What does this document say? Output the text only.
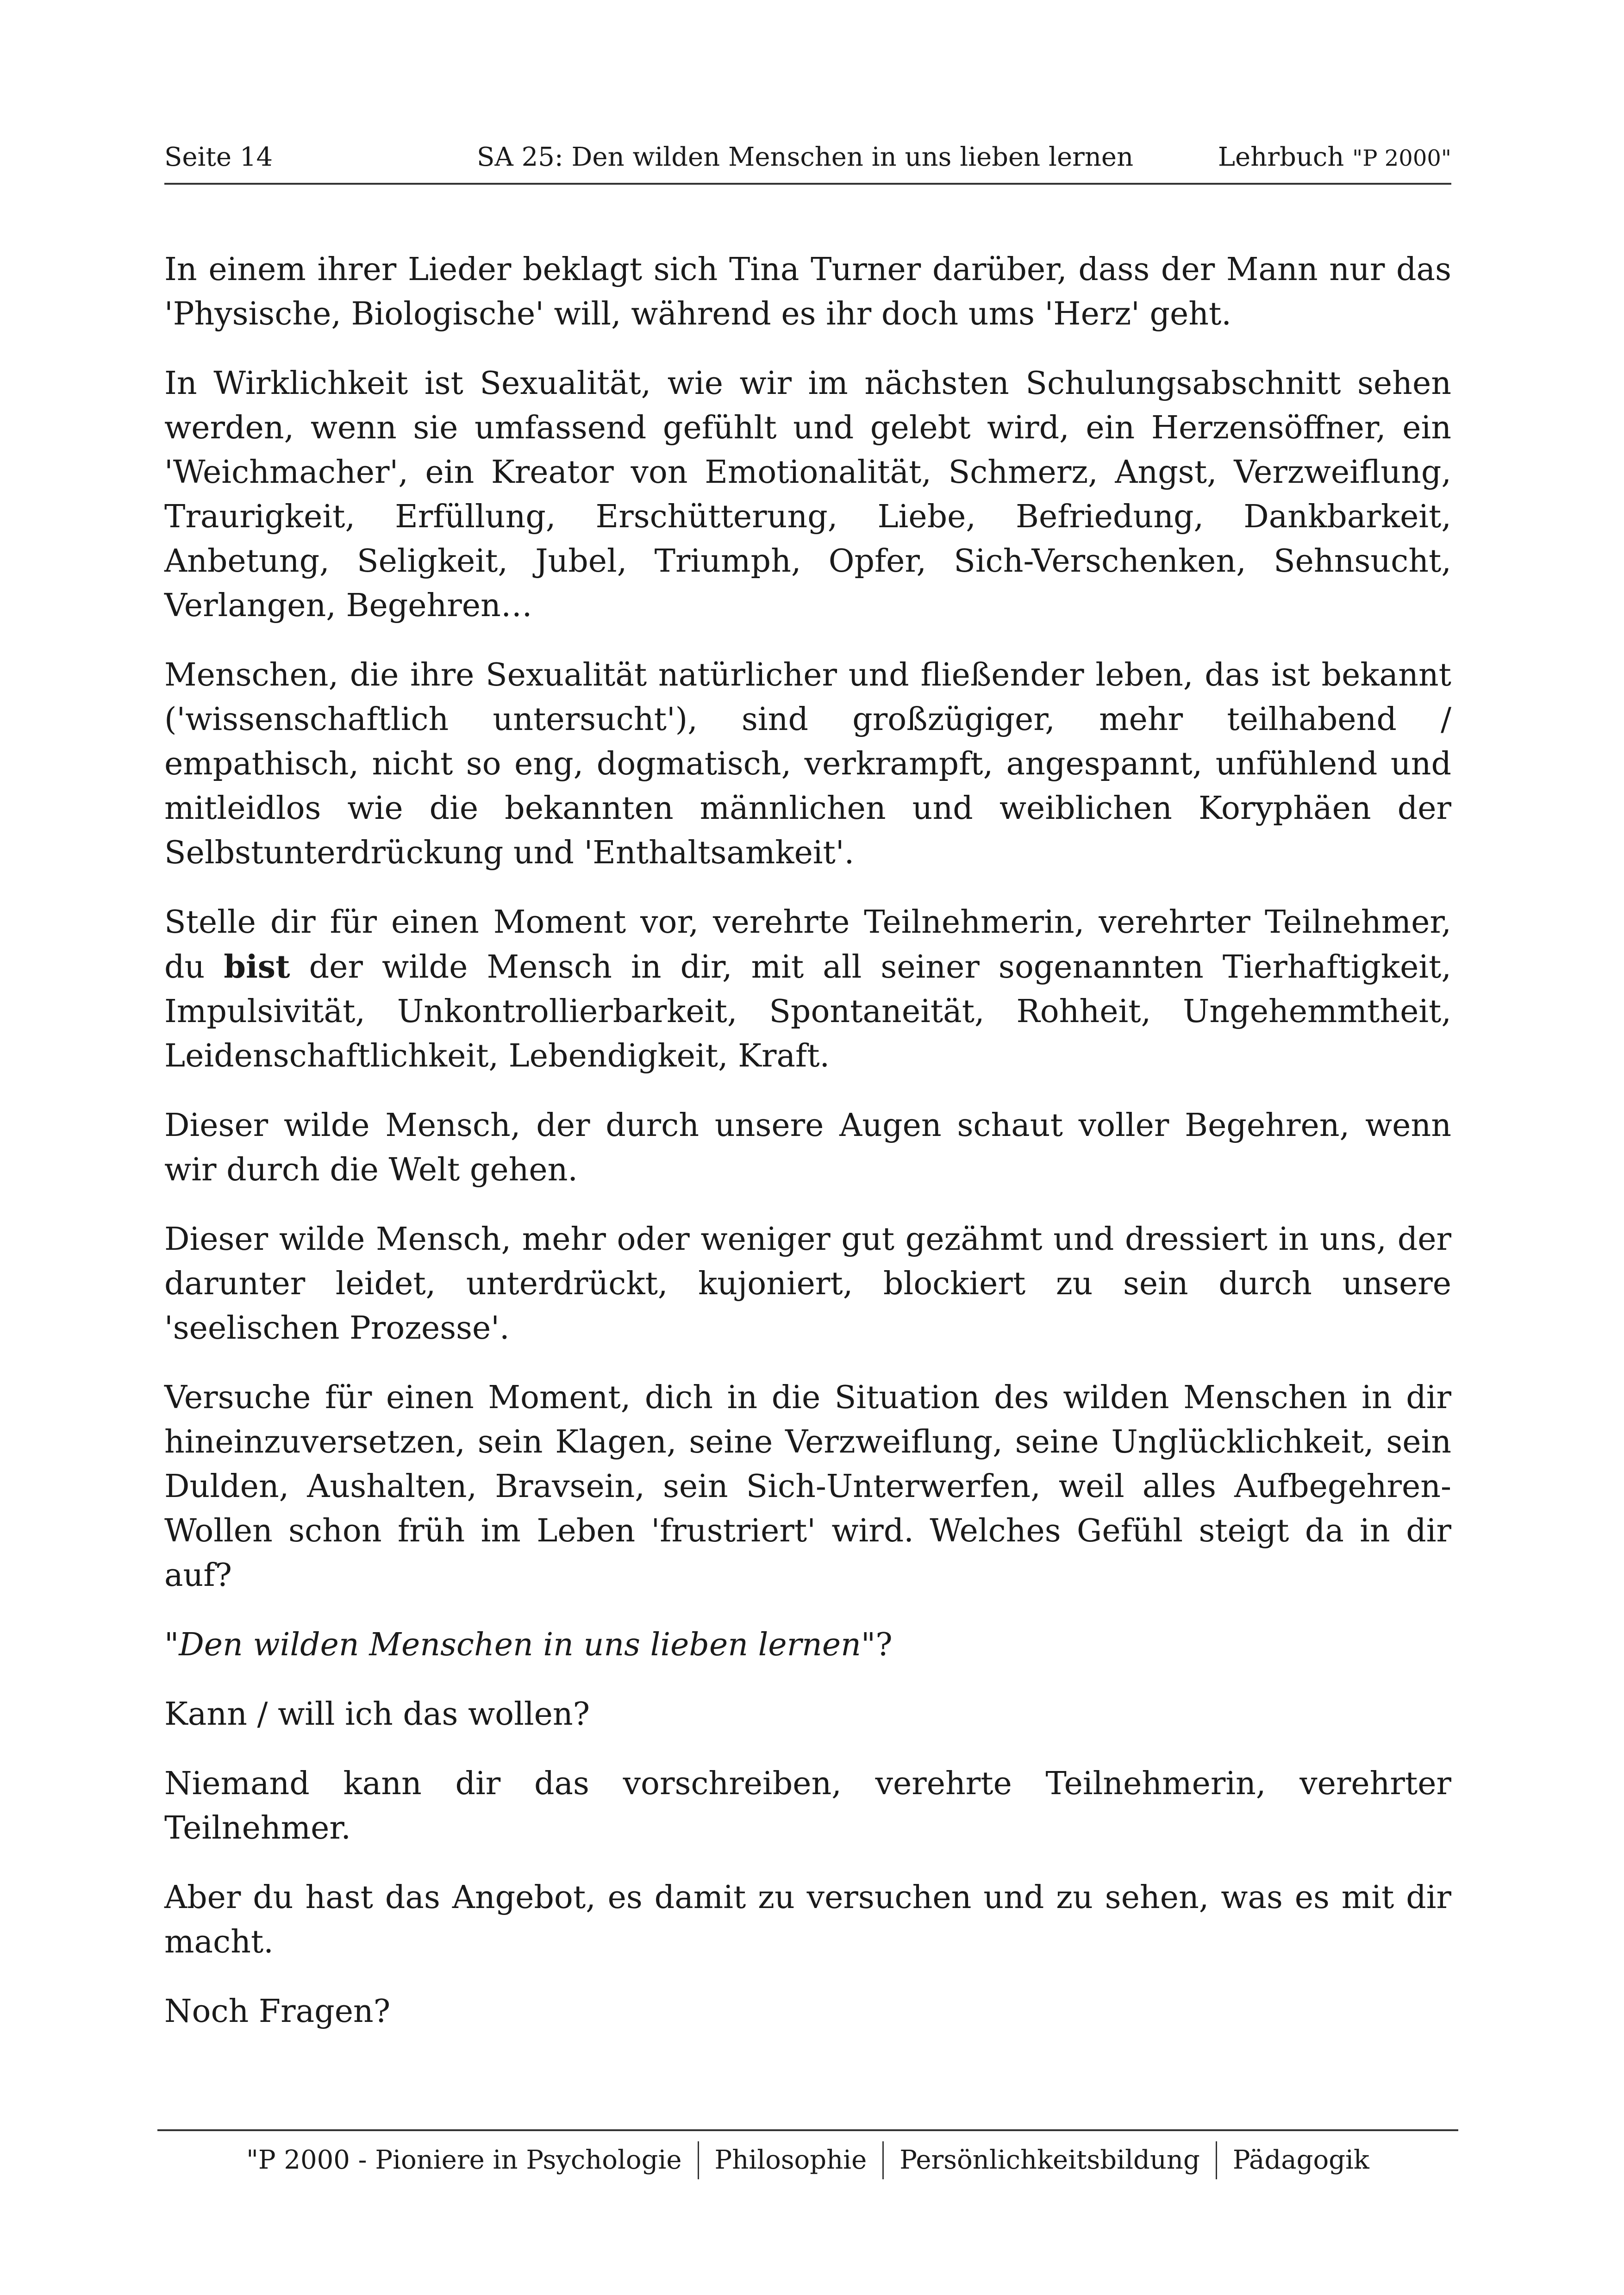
Seite 14	SA 25: Den wilden Menschen in uns lieben lernen	Lehrbuch "P 2000"

In einem ihrer Lieder beklagt sich Tina Turner darüber, dass der Mann nur das 'Physische, Biologische' will, während es ihr doch ums 'Herz' geht.

In Wirklichkeit ist Sexualität, wie wir im nächsten Schulungsabschnitt sehen werden, wenn sie umfassend gefühlt und gelebt wird, ein Herzensöffner, ein 'Weichmacher', ein Kreator von Emotionalität, Schmerz, Angst, Verzweiflung, Traurigkeit, Erfüllung, Erschütterung, Liebe, Befriedung, Dankbarkeit, Anbetung, Seligkeit, Jubel, Triumph, Opfer, Sich-Verschenken, Sehnsucht, Verlangen, Begehren…

Menschen, die ihre Sexualität natürlicher und fließender leben, das ist bekannt ('wissenschaftlich untersucht'), sind großzügiger, mehr teilhabend / empathisch, nicht so eng, dogmatisch, verkrampft, angespannt, unfühlend und mitleidlos wie die bekannten männlichen und weiblichen Koryphäen der Selbstunterdrückung und 'Enthaltsamkeit'.

Stelle dir für einen Moment vor, verehrte Teilnehmerin, verehrter Teilnehmer, du bist der wilde Mensch in dir, mit all seiner sogenannten Tierhaftigkeit, Impulsivität, Unkontrollierbarkeit, Spontaneität, Rohheit, Ungehemmtheit, Leidenschaftlichkeit, Lebendigkeit, Kraft.

Dieser wilde Mensch, der durch unsere Augen schaut voller Begehren, wenn wir durch die Welt gehen.

Dieser wilde Mensch, mehr oder weniger gut gezähmt und dressiert in uns, der darunter leidet, unterdrückt, kujoniert, blockiert zu sein durch unsere 'seelischen Prozesse'.

Versuche für einen Moment, dich in die Situation des wilden Menschen in dir hineinzuversetzen, sein Klagen, seine Verzweiflung, seine Unglücklichkeit, sein Dulden, Aushalten, Bravsein, sein Sich-Unterwerfen, weil alles Aufbegehren-Wollen schon früh im Leben 'frustriert' wird. Welches Gefühl steigt da in dir auf?

"Den wilden Menschen in uns lieben lernen"?

Kann / will ich das wollen?

Niemand kann dir das vorschreiben, verehrte Teilnehmerin, verehrter Teilnehmer.

Aber du hast das Angebot, es damit zu versuchen und zu sehen, was es mit dir macht.

Noch Fragen?

"P 2000 - Pioniere in Psychologie	Philosophie	Persönlichkeitsbildung	Pädagogik
